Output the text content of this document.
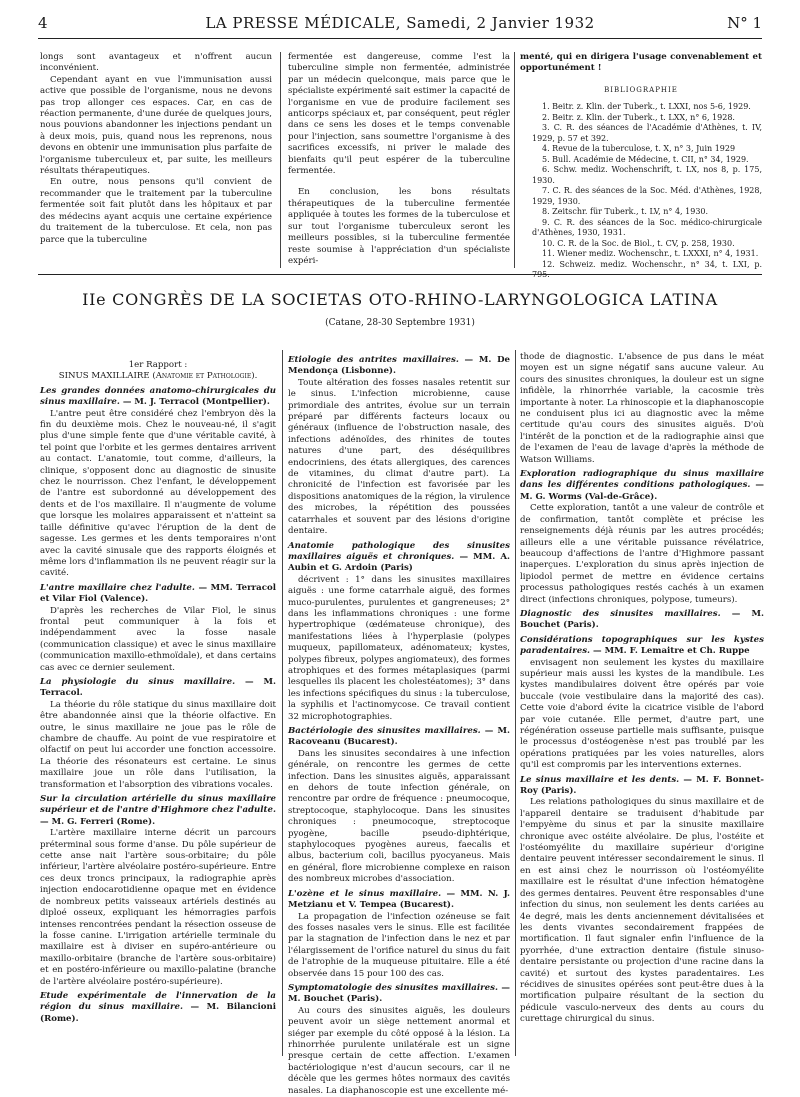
4	LA PRESSE MÉDICALE, Samedi, 2 Janvier 1932	N° 1

longs sont avantageux et n'offrent aucun inconvénient.

Cependant ayant en vue l'immunisation aussi active que possible de l'organisme, nous ne devons pas trop allonger ces espaces. Car, en cas de réaction permanente, d'une durée de quelques jours, nous pouvions abandonner les injections pendant un à deux mois, puis, quand nous les reprenons, nous devons en obtenir une immunisation plus parfaite de l'organisme tuberculeux et, par suite, les meilleurs résultats thérapeutiques.

En outre, nous pensons qu'il convient de recommander que le traitement par la tuberculine fermentée soit fait plutôt dans les hôpitaux et par des médecins ayant acquis une certaine expérience du traitement de la tuberculose. Et cela, non pas parce que la tuberculine

fermentée est dangereuse, comme l'est la tuberculine simple non fermentée, administrée par un médecin quelconque, mais parce que le spécialiste expérimenté sait estimer la capacité de l'organisme en vue de produire facilement ses anticorps spéciaux et, par conséquent, peut régler dans ce sens les doses et le temps convenable pour l'injection, sans soumettre l'organisme à des sacrifices excessifs, ni priver le malade des bienfaits qu'il peut espérer de la tuberculine fermentée.

En conclusion, les bons résultats thérapeutiques de la tuberculine fermentée appliquée à toutes les formes de la tuberculose et sur tout l'organisme tuberculeux seront les meilleurs possibles, si la tuberculine fermentée reste soumise à l'appréciation d'un spécialiste expéri-

menté, qui en dirigera l'usage convenablement et opportunément !

BIBLIOGRAPHIE

1. Beitr. z. Klin. der Tuberk., t. LXXI, nos 5-6, 1929.

2. Beitr. z. Klin. der Tuberk., t. LXX, n° 6, 1928.

3. C. R. des séances de l'Académie d'Athènes, t. IV, 1929, p. 57 et 392.

4. Revue de la tuberculose, t. X, n° 3, Juin 1929

5. Bull. Académie de Médecine, t. CII, n° 34, 1929.

6. Schw. mediz. Wochenschrift, t. LX, nos 8, p. 175, 1930.

7. C. R. des séances de la Soc. Méd. d'Athènes, 1928, 1929, 1930.

8. Zeitschr. für Tuberk., t. LV, n° 4, 1930.

9. C. R. des séances de la Soc. médico-chirurgicale d'Athènes, 1930, 1931.

10. C. R. de la Soc. de Biol., t. CV, p. 258, 1930.

11. Wiener mediz. Wochenschr., t. LXXXI, n° 4, 1931.

12. Schweiz. mediz. Wochenschr., n° 34, t. LXI, p. 795.

IIe CONGRÈS DE LA SOCIETAS OTO-RHINO-LARYNGOLOGICA LATINA
(Catane, 28-30 Septembre 1931)

1er Rapport :

SINUS MAXILLAIRE (Anatomie et Pathologie).

Les grandes données anatomo-chirurgicales du sinus maxillaire. — M. J. Terracol (Montpellier).

L'antre peut être considéré chez l'embryon dès la fin du deuxième mois. Chez le nouveau-né, il s'agit plus d'une simple fente que d'une véritable cavité, à tel point que l'orbite et les germes dentaires arrivent au contact. L'anatomie, tout comme, d'ailleurs, la clinique, s'opposent donc au diagnostic de sinusite chez le nourrisson. Chez l'enfant, le développement de l'antre est subordonné au développement des dents et de l'os maxillaire. Il n'augmente de volume que lorsque les molaires apparaissent et n'atteint sa taille définitive qu'avec l'éruption de la dent de sagesse. Les germes et les dents temporaires n'ont avec la cavité sinusale que des rapports éloignés et même lors d'inflammation ils ne peuvent réagir sur la cavité.

L'antre maxillaire chez l'adulte. — MM. Terracol et Vilar Fiol (Valence).

D'après les recherches de Vilar Fiol, le sinus frontal peut communiquer à la fois et indépendamment avec la fosse nasale (communication classique) et avec le sinus maxillaire (communication maxillo-ethmoïdale), et dans certains cas avec ce dernier seulement.

La physiologie du sinus maxillaire. — M. Terracol.

La théorie du rôle statique du sinus maxillaire doit être abandonnée ainsi que la théorie olfactive. En outre, le sinus maxillaire ne joue pas le rôle de chambre de chauffe. Au point de vue respiratoire et olfactif on peut lui accorder une fonction accessoire. La théorie des résonateurs est certaine. Le sinus maxillaire joue un rôle dans l'utilisation, la transformation et l'absorption des vibrations vocales.

Sur la circulation artérielle du sinus maxillaire supérieur et de l'antre d'Highmore chez l'adulte. — M. G. Ferreri (Rome).

L'artère maxillaire interne décrit un parcours préterminal sous forme d'anse. Du pôle supérieur de cette anse nait l'artère sous-orbitaire; du pôle inférieur, l'artère alvéolaire postéro-supérieure. Entre ces deux troncs principaux, la radiographie après injection endocarotidienne opaque met en évidence de nombreux petits vaisseaux artériels destinés au diploé osseux, expliquant les hémorragies parfois intenses rencontrées pendant la résection osseuse de la fosse canine. L'irrigation artérielle terminale du maxillaire est à diviser en supéro-antérieure ou maxillo-orbitaire (branche de l'artère sous-orbitaire) et en postéro-inférieure ou maxillo-palatine (branche de l'artère alvéolaire postéro-supérieure).

Etude expérimentale de l'innervation de la région du sinus maxillaire. — M. Bilancioni (Rome).

Etiologie des antrites maxillaires. — M. De Mendonça (Lisbonne).

Toute altération des fosses nasales retentit sur le sinus. L'infection microbienne, cause primordiale des antrites, évolue sur un terrain préparé par différents facteurs locaux ou généraux (influence de l'obstruction nasale, des infections adénoïdes, des rhinites de toutes natures d'une part, des déséquilibres endocriniens, des états allergiques, des carences de vitamines, du climat d'autre part). La chronicité de l'infection est favorisée par les dispositions anatomiques de la région, la virulence des microbes, la répétition des poussées catarrhales et souvent par des lésions d'origine dentaire.

Anatomie pathologique des sinusites maxillaires aiguës et chroniques. — MM. A. Aubin et G. Ardoin (Paris)

décrivent : 1° dans les sinusites maxillaires aiguës : une forme catarrhale aiguë, des formes muco-purulentes, purulentes et gangreneuses; 2° dans les inflammations chroniques : une forme hypertrophique (œdémateuse chronique), des manifestations liées à l'hyperplasie (polypes muqueux, papillomateux, adénomateux; kystes, polypes fibreux, polypes angiomateux), des formes atrophiques et des formes métaplasiques (parmi lesquelles ils placent les cholestéatomes); 3° dans les infections spécifiques du sinus : la tuberculose, la syphilis et l'actinomycose. Ce travail contient 32 microphotographies.

Bactériologie des sinusites maxillaires. — M. Racoveanu (Bucarest).

Dans les sinusites secondaires à une infection générale, on rencontre les germes de cette infection. Dans les sinusites aiguës, apparaissant en dehors de toute infection générale, on rencontre par ordre de fréquence : pneumocoque, streptocoque, staphylocoque. Dans les sinusites chroniques : pneumocoque, streptocoque pyogène, bacille pseudo-diphtérique, staphylocoques pyogènes aureus, faecalis et albus, bacterium coli, bacillus pyocyaneus. Mais en général, flore microbienne complexe en raison des nombreux microbes d'association.

L'ozène et le sinus maxillaire. — MM. N. J. Metzianu et V. Tempea (Bucarest).

La propagation de l'infection ozéneuse se fait des fosses nasales vers le sinus. Elle est facilitée par la stagnation de l'infection dans le nez et par l'élargissement de l'orifice naturel du sinus du fait de l'atrophie de la muqueuse pituitaire. Elle a été observée dans 15 pour 100 des cas.

Symptomatologie des sinusites maxillaires. — M. Bouchet (Paris).

Au cours des sinusites aiguës, les douleurs peuvent avoir un siège nettement anormal et siéger par exemple du côté opposé à la lésion. La rhinorrhée purulente unilatérale est un signe presque certain de cette affection. L'examen bactériologique n'est d'aucun secours, car il ne décèle que les germes hôtes normaux des cavités nasales. La diaphanoscopie est une excellente mé-

thode de diagnostic. L'absence de pus dans le méat moyen est un signe négatif sans aucune valeur. Au cours des sinusites chroniques, la douleur est un signe infidèle, la rhinorrhée variable, la cacosmie très importante à noter. La rhinoscopie et la diaphanoscopie ne conduisent plus ici au diagnostic avec la même certitude qu'au cours des sinusites aiguës. D'où l'intérêt de la ponction et de la radiographie ainsi que de l'examen de l'eau de lavage d'après la méthode de Watson Williams.

Exploration radiographique du sinus maxillaire dans les différentes conditions pathologiques. — M. G. Worms (Val-de-Grâce).

Cette exploration, tantôt a une valeur de contrôle et de confirmation, tantôt complète et précise les renseignements déjà réunis par les autres procédés; ailleurs elle a une véritable puissance révélatrice, beaucoup d'affections de l'antre d'Highmore passant inaperçues. L'exploration du sinus après injection de lipiodol permet de mettre en évidence certains processus pathologiques restés cachés à un examen direct (infections chroniques, polypose, tumeurs).

Diagnostic des sinusites maxillaires. — M. Bouchet (Paris).

Considérations topographiques sur les kystes paradentaires. — MM. F. Lemaitre et Ch. Ruppe

envisagent non seulement les kystes du maxillaire supérieur mais aussi les kystes de la mandibule. Les kystes mandibulaires doivent être opérés par voie buccale (voie vestibulaire dans la majorité des cas). Cette voie d'abord évite la cicatrice visible de l'abord par voie cutanée. Elle permet, d'autre part, une régénération osseuse partielle mais suffisante, puisque le processus d'ostéogenèse n'est pas troublé par les opérations pratiquées par les voies naturelles, alors qu'il est compromis par les interventions externes.

Le sinus maxillaire et les dents. — M. F. Bonnet-Roy (Paris).

Les relations pathologiques du sinus maxillaire et de l'appareil dentaire se traduisent d'habitude par l'empyème du sinus et par la sinusite maxillaire chronique avec ostéite alvéolaire. De plus, l'ostéite et l'ostéomyélite du maxillaire supérieur d'origine dentaire peuvent intéresser secondairement le sinus. Il en est ainsi chez le nourrisson où l'ostéomyélite maxillaire est le résultat d'une infection hématogène des germes dentaires. Peuvent être responsables d'une infection du sinus, non seulement les dents cariées au 4e degré, mais les dents anciennement dévitalisées et les dents vivantes secondairement frappées de mortification. Il faut signaler enfin l'influence de la pyorrhée, d'une extraction dentaire (fistule sinuso-dentaire persistante ou projection d'une racine dans la cavité) et surtout des kystes paradentaires. Les récidives de sinusites opérées sont peut-être dues à la mortification pulpaire résultant de la section du pédicule vasculo-nerveux des dents au cours du curettage chirurgical du sinus.
